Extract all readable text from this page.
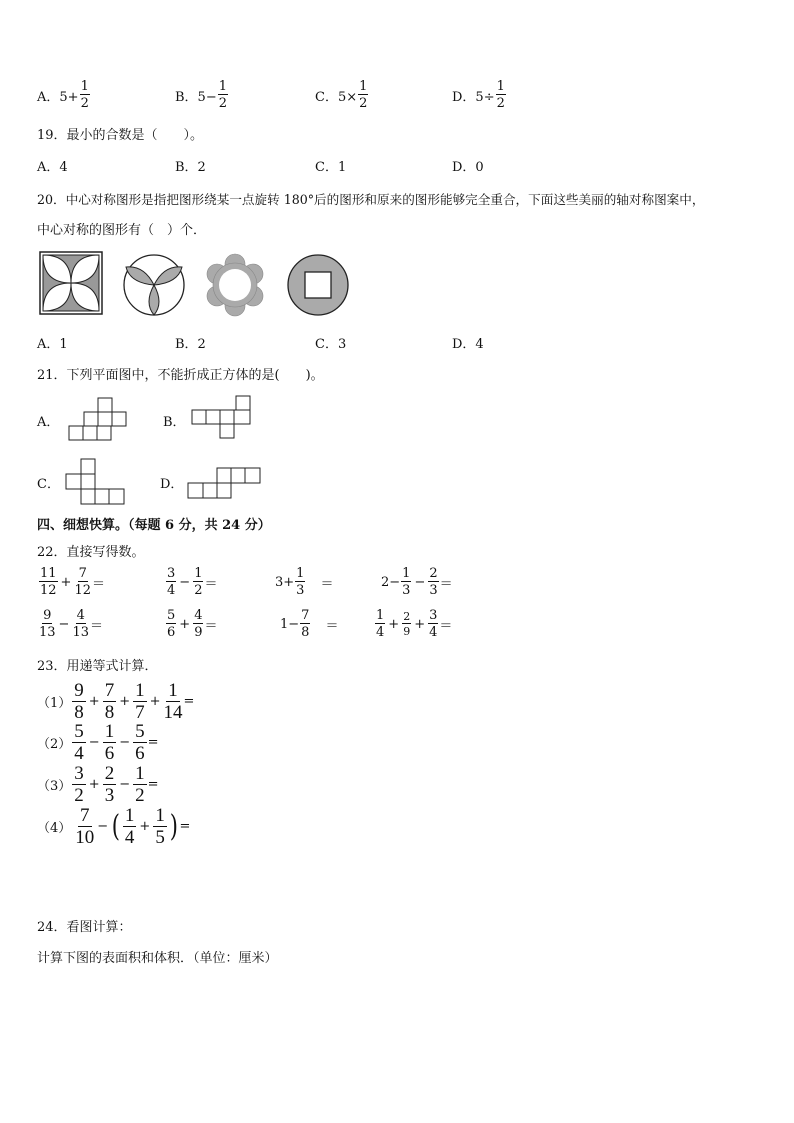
A．$5+ \frac{1}{2}$	B．$5- \frac{1}{2}$	C．$5\times \frac{1}{2}$	D．$5\div \frac{1}{2}$
19．最小的合数是（　　）。
A．4	B．2	C．1	D．0
20．中心对称图形是指把图形绕某一点旋转 180°后的图形和原来的图形能够完全重合，下面这些美丽的轴对称图案中，
中心对称的图形有（　）个．
A．1	B．2	C．3	D．4
21．下列平面图中，不能折成正方体的是(　　)。
A．	B．
C．	D．
四、细想快算。（每题 6 分，共 24 分）
22．直接写得数。
$\frac{11}{12} + \frac{7}{12}$ ＝	$\frac{3}{4} - \frac{1}{2}$ ＝	$3+ \frac{1}{3}$ ＝	$2- \frac{1}{3} - \frac{2}{3}$ ＝
$\frac{9}{13} - \frac{4}{13}$ ＝	$\frac{5}{6} + \frac{4}{9}$ ＝	$1- \frac{7}{8}$ ＝	$\frac{1}{4} + \frac{2}{9} + \frac{3}{4}$ ＝
23．用递等式计算．
$(1) \frac{9}{8} + \frac{7}{8} + \frac{1}{7} + \frac{1}{14}$ =
$(2) \frac{5}{4} - \frac{1}{6} - \frac{5}{6}$ =
$(3) \frac{3}{2} + \frac{2}{3} - \frac{1}{2}$ =
$(4) \frac{7}{10}$ − ( $\frac{1}{4} + \frac{1}{5}$ ) =
24．看图计算：
计算下图的表面积和体积．（单位：厘米）
